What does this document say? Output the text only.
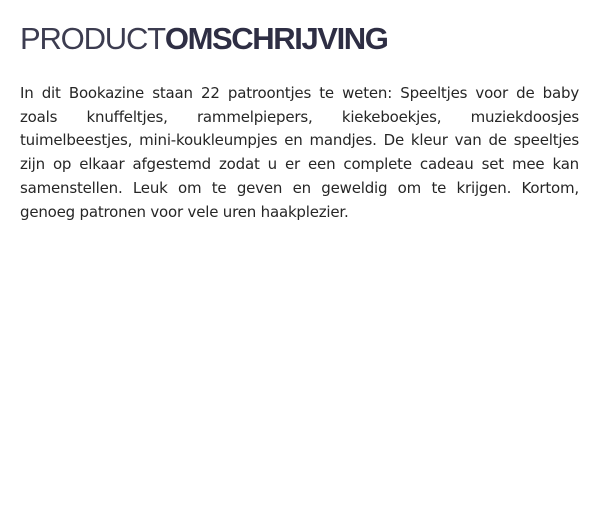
PRODUCTOMSCHRIJVING

In dit Bookazine staan 22 patroontjes te weten: Speeltjes voor de baby zoals knuffeltjes, rammelpiepers, kiekeboekjes, muziekdoosjes tuimelbeestjes, mini-koukleumpjes en mandjes. De kleur van de speeltjes zijn op elkaar afgestemd zodat u er een complete cadeau set mee kan samenstellen. Leuk om te geven en geweldig om te krijgen. Kortom, genoeg patronen voor vele uren haakplezier.
